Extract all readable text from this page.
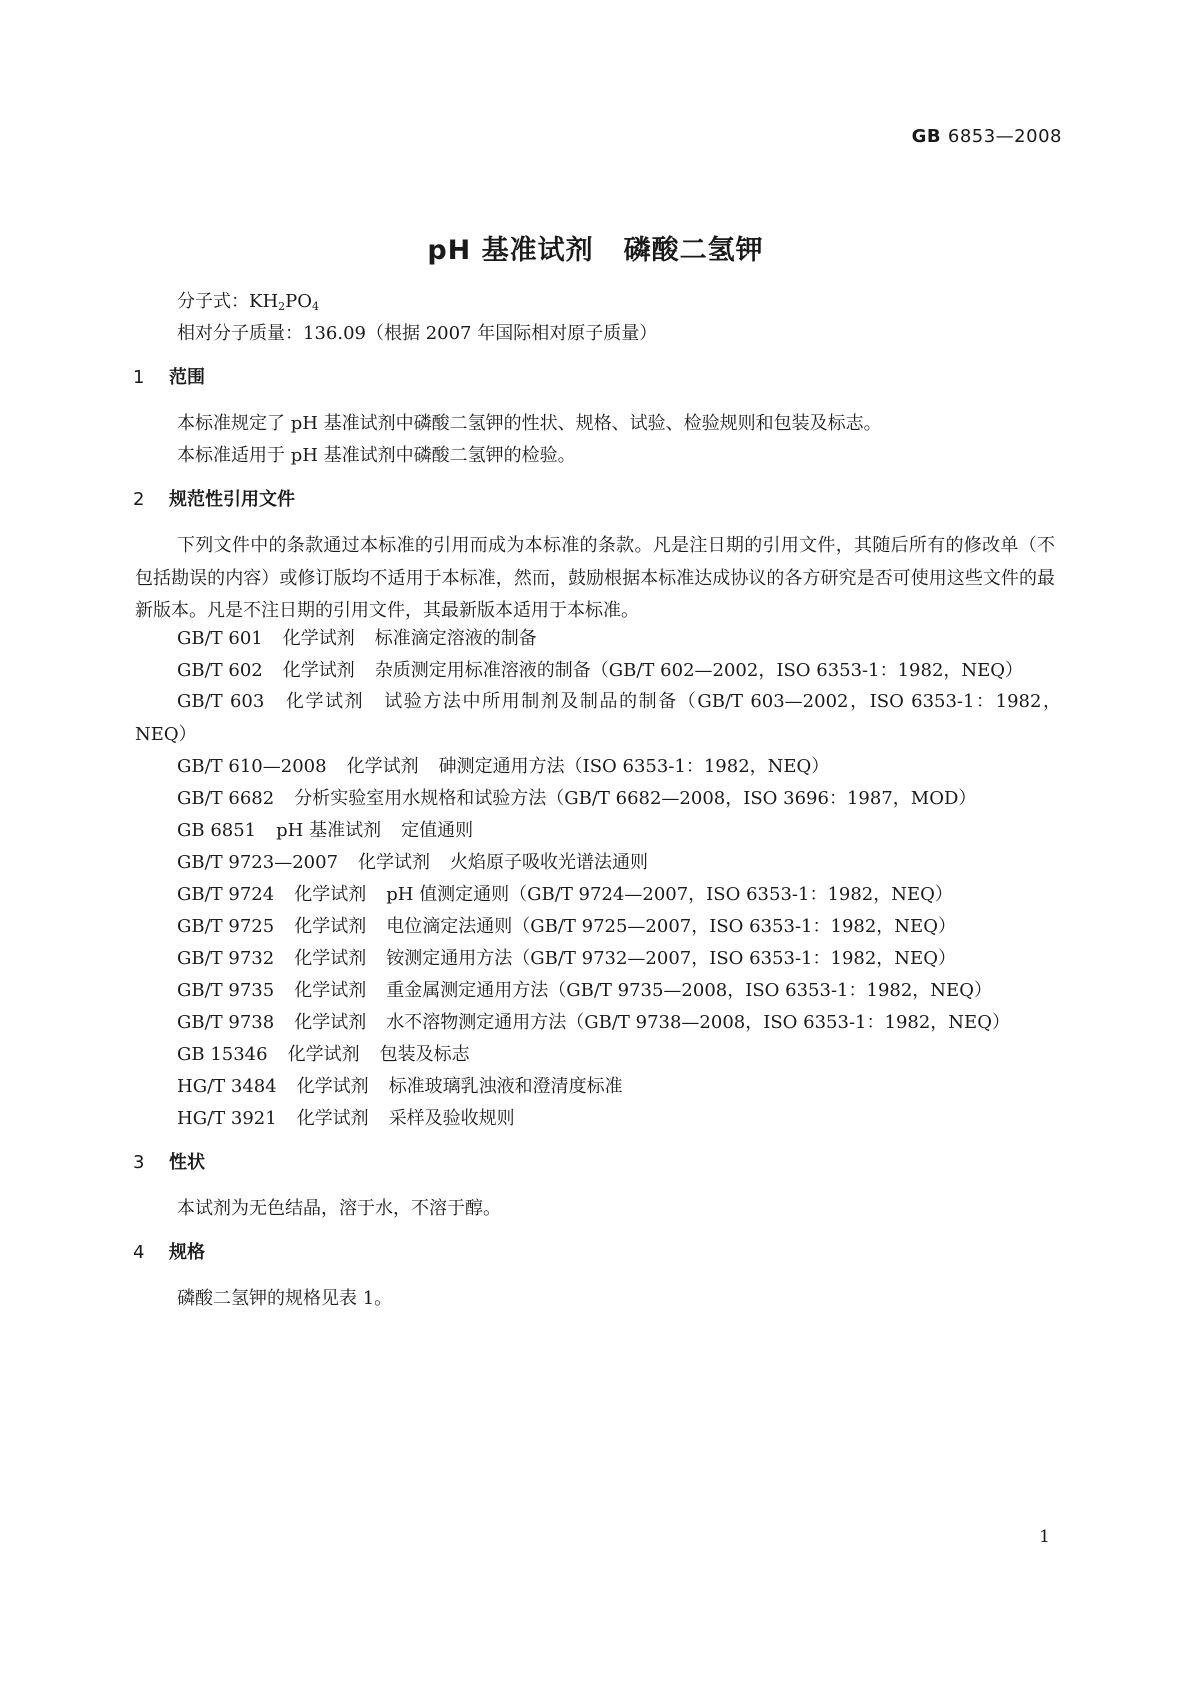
GB 6853—2008
pH 基准试剂 磷酸二氢钾
分子式：$KH_2PO_4$
相对分子质量：136.09（根据 2007 年国际相对原子质量）
1 范围
本标准规定了 pH 基准试剂中磷酸二氢钾的性状、规格、试验、检验规则和包装及标志。
本标准适用于 pH 基准试剂中磷酸二氢钾的检验。
2 规范性引用文件
下列文件中的条款通过本标准的引用而成为本标准的条款。凡是注日期的引用文件，其随后所有的修改单（不包括勘误的内容）或修订版均不适用于本标准，然而，鼓励根据本标准达成协议的各方研究是否可使用这些文件的最新版本。凡是不注日期的引用文件，其最新版本适用于本标准。
GB/T 601 化学试剂 标准滴定溶液的制备
GB/T 602 化学试剂 杂质测定用标准溶液的制备（GB/T 602—2002，ISO 6353-1：1982，NEQ）
GB/T 603 化学试剂 试验方法中所用制剂及制品的制备（GB/T 603—2002，ISO 6353-1：1982，NEQ）
GB/T 610—2008 化学试剂 砷测定通用方法（ISO 6353-1：1982，NEQ）
GB/T 6682 分析实验室用水规格和试验方法（GB/T 6682—2008，ISO 3696：1987，MOD）
GB 6851 pH 基准试剂 定值通则
GB/T 9723—2007 化学试剂 火焰原子吸收光谱法通则
GB/T 9724 化学试剂 pH 值测定通则（GB/T 9724—2007，ISO 6353-1：1982，NEQ）
GB/T 9725 化学试剂 电位滴定法通则（GB/T 9725—2007，ISO 6353-1：1982，NEQ）
GB/T 9732 化学试剂 铵测定通用方法（GB/T 9732—2007，ISO 6353-1：1982，NEQ）
GB/T 9735 化学试剂 重金属测定通用方法（GB/T 9735—2008，ISO 6353-1：1982，NEQ）
GB/T 9738 化学试剂 水不溶物测定通用方法（GB/T 9738—2008，ISO 6353-1：1982，NEQ）
GB 15346 化学试剂 包装及标志
HG/T 3484 化学试剂 标准玻璃乳浊液和澄清度标准
HG/T 3921 化学试剂 采样及验收规则
3 性状
本试剂为无色结晶，溶于水，不溶于醇。
4 规格
磷酸二氢钾的规格见表 1。
1
